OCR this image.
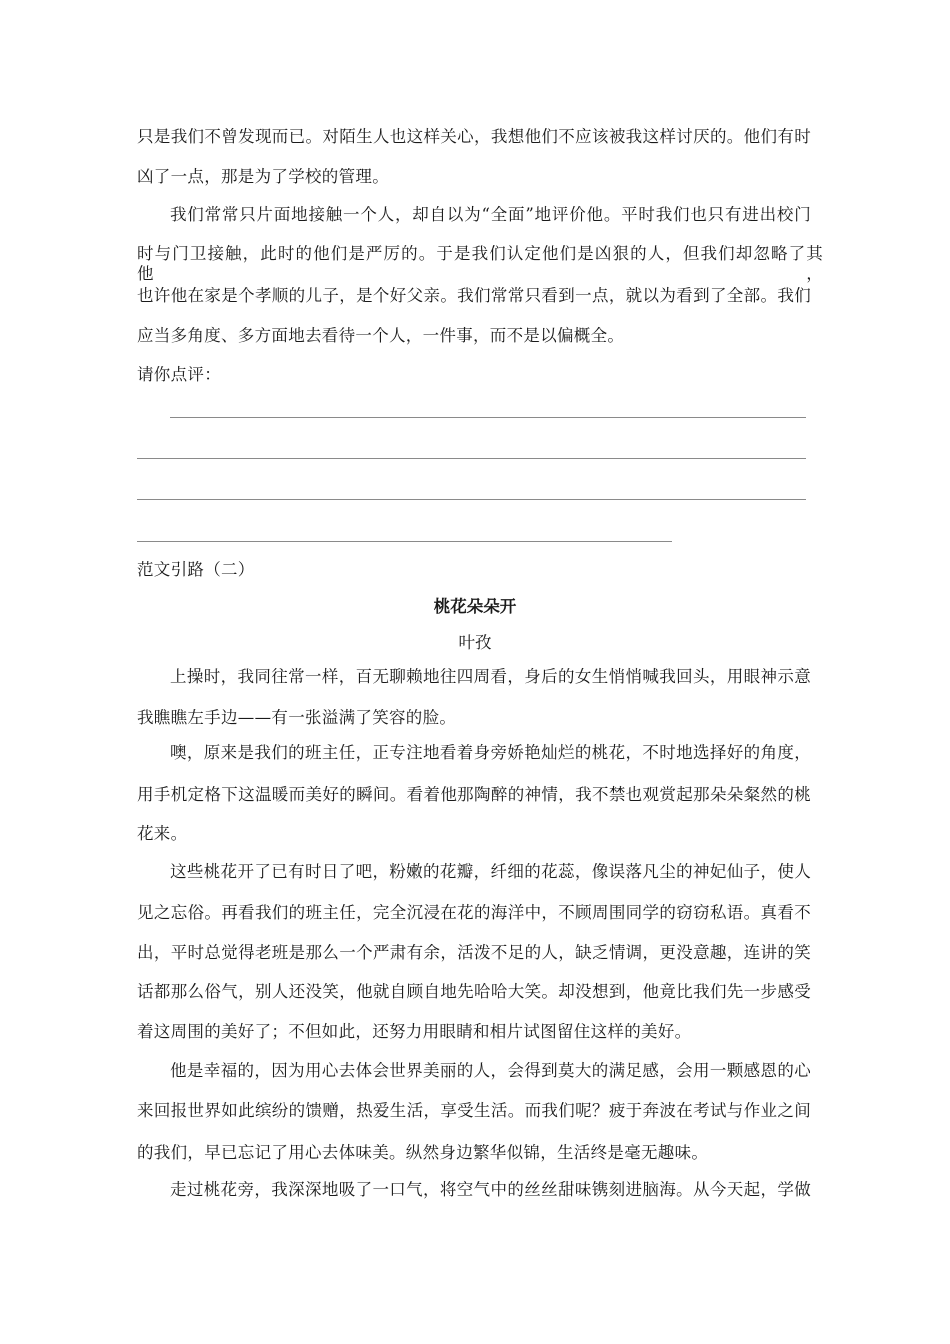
只是我们不曾发现而已。对陌生人也这样关心，我想他们不应该被我这样讨厌的。他们有时
凶了一点，那是为了学校的管理。
我们常常只片面地接触一个人，却自以为“全面”地评价他。平时我们也只有进出校门
时与门卫接触，此时的他们是严厉的。于是我们认定他们是凶狠的人，但我们却忽略了其他，
也许他在家是个孝顺的儿子，是个好父亲。我们常常只看到一点，就以为看到了全部。我们
应当多角度、多方面地去看待一个人，一件事，而不是以偏概全。
请你点评：
范文引路（二）
桃花朵朵开
叶孜
上操时，我同往常一样，百无聊赖地往四周看，身后的女生悄悄喊我回头，用眼神示意
我瞧瞧左手边——有一张溢满了笑容的脸。
噢，原来是我们的班主任，正专注地看着身旁娇艳灿烂的桃花，不时地选择好的角度，
用手机定格下这温暖而美好的瞬间。看着他那陶醉的神情，我不禁也观赏起那朵朵粲然的桃
花来。
这些桃花开了已有时日了吧，粉嫩的花瓣，纤细的花蕊，像误落凡尘的神妃仙子，使人
见之忘俗。再看我们的班主任，完全沉浸在花的海洋中，不顾周围同学的窃窃私语。真看不
出，平时总觉得老班是那么一个严肃有余，活泼不足的人，缺乏情调，更没意趣，连讲的笑
话都那么俗气，别人还没笑，他就自顾自地先哈哈大笑。却没想到，他竟比我们先一步感受
着这周围的美好了；不但如此，还努力用眼睛和相片试图留住这样的美好。
他是幸福的，因为用心去体会世界美丽的人，会得到莫大的满足感，会用一颗感恩的心
来回报世界如此缤纷的馈赠，热爱生活，享受生活。而我们呢？疲于奔波在考试与作业之间
的我们，早已忘记了用心去体味美。纵然身边繁华似锦，生活终是毫无趣味。
走过桃花旁，我深深地吸了一口气，将空气中的丝丝甜味镌刻进脑海。从今天起，学做
